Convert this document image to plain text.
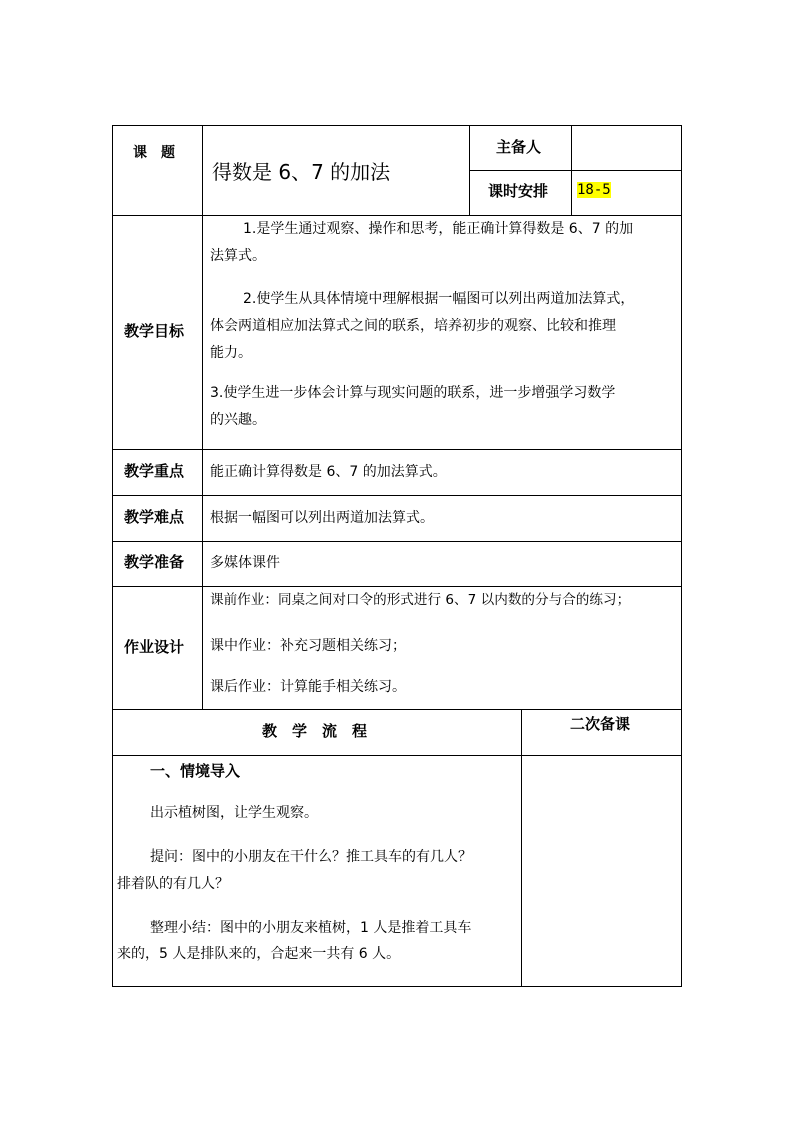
课　题
得数是 6、7 的加法
主备人
课时安排 18-5
教学目标
1.是学生通过观察、操作和思考，能正确计算得数是 6、7 的加
法算式。
2.使学生从具体情境中理解根据一幅图可以列出两道加法算式，
体会两道相应加法算式之间的联系，培养初步的观察、比较和推理
能力。
3.使学生进一步体会计算与现实问题的联系，进一步增强学习数学
的兴趣。
教学重点 能正确计算得数是 6、7 的加法算式。
教学难点 根据一幅图可以列出两道加法算式。
教学准备 多媒体课件
作业设计
课前作业：同桌之间对口令的形式进行 6、7 以内数的分与合的练习；
课中作业：补充习题相关练习；
课后作业：计算能手相关练习。
教　学　流　程	二次备课
一、情境导入
出示植树图，让学生观察。
提问：图中的小朋友在干什么？推工具车的有几人？
排着队的有几人？
整理小结：图中的小朋友来植树，1 人是推着工具车
来的，5 人是排队来的，合起来一共有 6 人。
